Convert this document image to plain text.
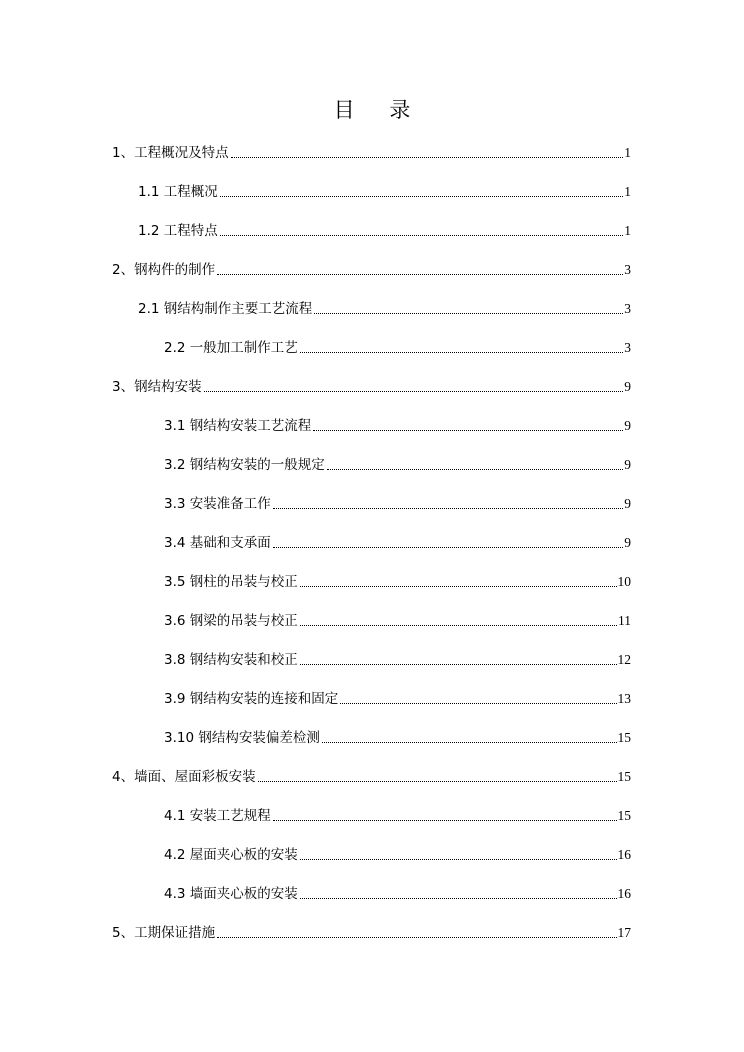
目 录
1、工程概况及特点	1
1.1 工程概况	1
1.2 工程特点	1
2、钢构件的制作	3
2.1 钢结构制作主要工艺流程	3
2.2 一般加工制作工艺	3
3、钢结构安装	9
3.1 钢结构安装工艺流程	9
3.2 钢结构安装的一般规定	9
3.3 安装准备工作	9
3.4 基础和支承面	9
3.5 钢柱的吊装与校正	10
3.6 钢梁的吊装与校正	11
3.8 钢结构安装和校正	12
3.9 钢结构安装的连接和固定	13
3.10 钢结构安装偏差检测	15
4、墙面、屋面彩板安装	15
4.1 安装工艺规程	15
4.2 屋面夹心板的安装	16
4.3 墙面夹心板的安装	16
5、工期保证措施	17
